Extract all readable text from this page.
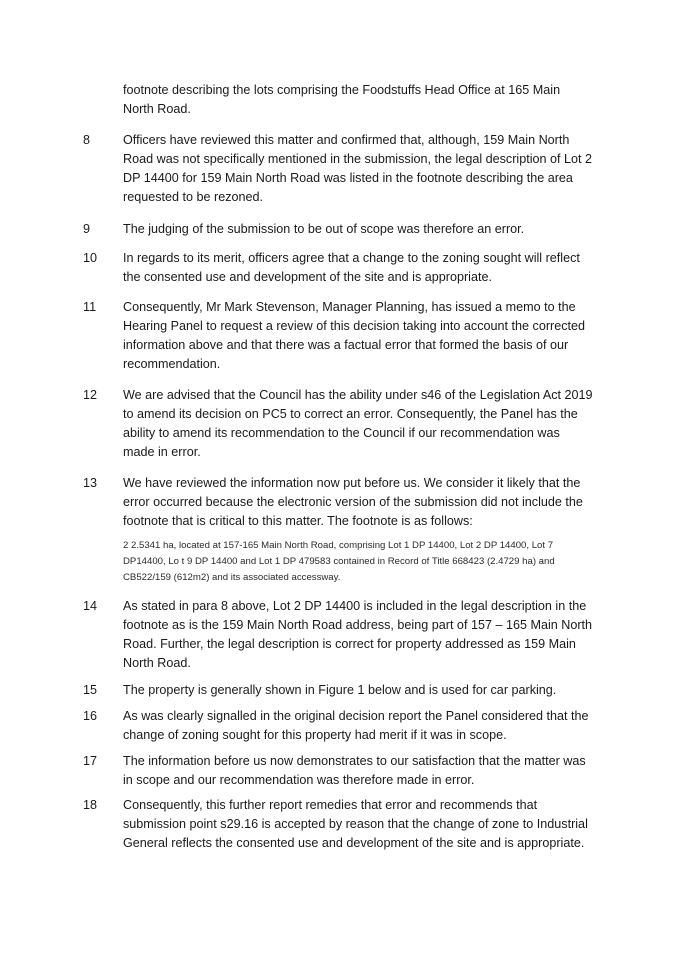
footnote describing the lots comprising the Foodstuffs Head Office at 165 Main
North Road.

8	Officers have reviewed this matter and confirmed that, although, 159 Main North
Road was not specifically mentioned in the submission, the legal description of Lot 2
DP 14400 for 159 Main North Road was listed in the footnote describing the area
requested to be rezoned.

9	The judging of the submission to be out of scope was therefore an error.

10	In regards to its merit, officers agree that a change to the zoning sought will reflect
the consented use and development of the site and is appropriate.

11	Consequently, Mr Mark Stevenson, Manager Planning, has issued a memo to the
Hearing Panel to request a review of this decision taking into account the corrected
information above and that there was a factual error that formed the basis of our
recommendation.

12	We are advised that the Council has the ability under s46 of the Legislation Act 2019
to amend its decision on PC5 to correct an error. Consequently, the Panel has the
ability to amend its recommendation to the Council if our recommendation was
made in error.

13	We have reviewed the information now put before us. We consider it likely that the
error occurred because the electronic version of the submission did not include the
footnote that is critical to this matter. The footnote is as follows:

2 2.5341 ha, located at 157-165 Main North Road, comprising Lot 1 DP 14400, Lot 2 DP 14400, Lot 7
DP14400, Lo t 9 DP 14400 and Lot 1 DP 479583 contained in Record of Title 668423 (2.4729 ha) and
CB522/159 (612m2) and its associated accessway.

14	As stated in para 8 above, Lot 2 DP 14400 is included in the legal description in the
footnote as is the 159 Main North Road address, being part of 157 – 165 Main North
Road. Further, the legal description is correct for property addressed as 159 Main
North Road.

15	The property is generally shown in Figure 1 below and is used for car parking.

16	As was clearly signalled in the original decision report the Panel considered that the
change of zoning sought for this property had merit if it was in scope.

17	The information before us now demonstrates to our satisfaction that the matter was
in scope and our recommendation was therefore made in error.

18	Consequently, this further report remedies that error and recommends that
submission point s29.16 is accepted by reason that the change of zone to Industrial
General reflects the consented use and development of the site and is appropriate.
